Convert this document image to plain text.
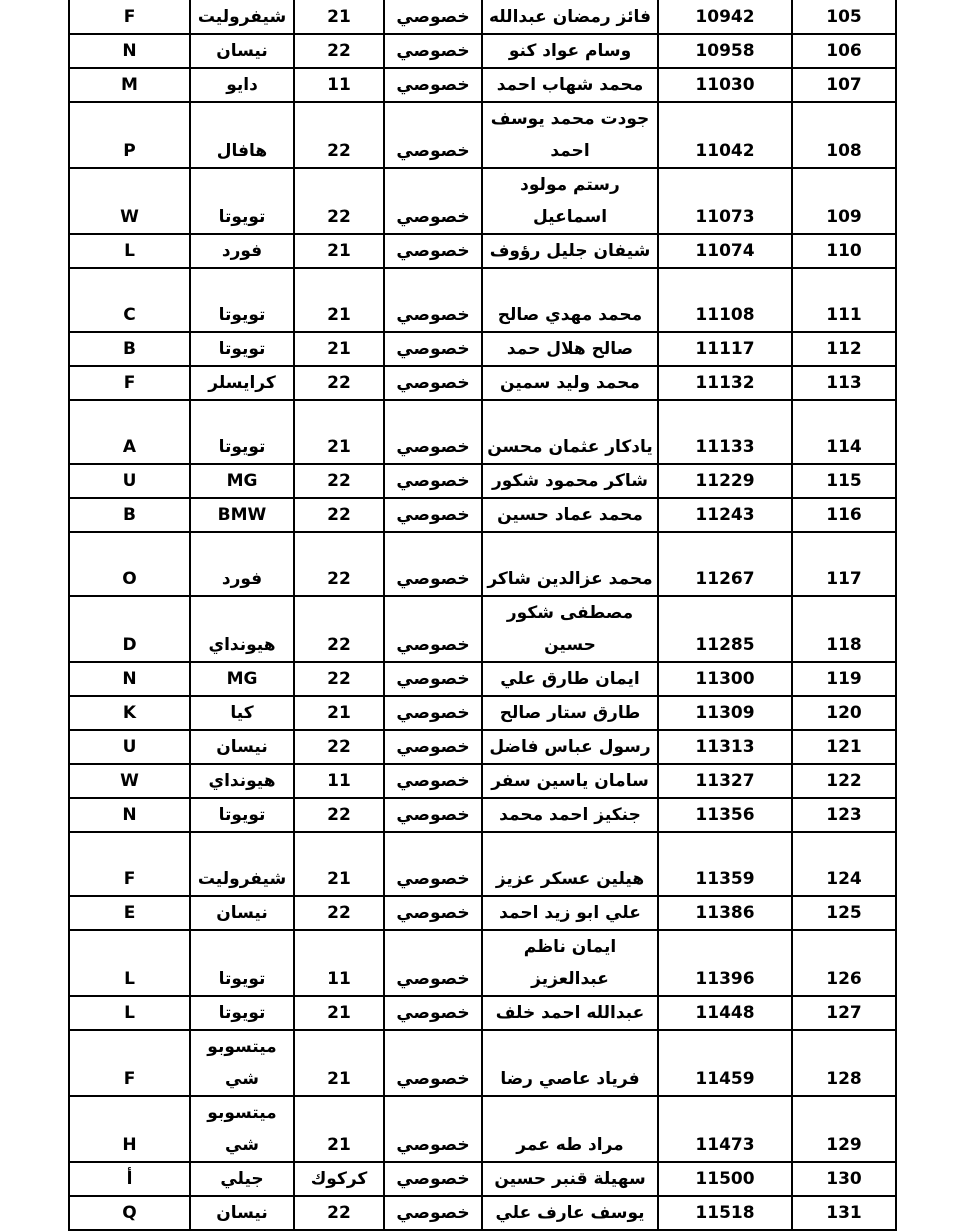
105	10942	فائز رمضان عبدالله	خصوصي	21	شيفروليت	F
106	10958	وسام عواد كنو	خصوصي	22	نيسان	N
107	11030	محمد شهاب احمد	خصوصي	11	دايو	M
108	11042	جودت محمد يوسف احمد	خصوصي	22	هافال	P
109	11073	رستم مولود اسماعيل	خصوصي	22	تويوتا	W
110	11074	شيفان جليل رؤوف	خصوصي	21	فورد	L
111	11108	محمد مهدي صالح	خصوصي	21	تويوتا	C
112	11117	صالح هلال حمد	خصوصي	21	تويوتا	B
113	11132	محمد وليد سمين	خصوصي	22	كرايسلر	F
114	11133	يادكار عثمان محسن	خصوصي	21	تويوتا	A
115	11229	شاكر محمود شكور	خصوصي	22	MG	U
116	11243	محمد عماد حسين	خصوصي	22	BMW	B
117	11267	محمد عزالدين شاكر	خصوصي	22	فورد	O
118	11285	مصطفى شكور حسين	خصوصي	22	هيونداي	D
119	11300	ايمان طارق علي	خصوصي	22	MG	N
120	11309	طارق ستار صالح	خصوصي	21	كيا	K
121	11313	رسول عباس فاضل	خصوصي	22	نيسان	U
122	11327	سامان ياسين سفر	خصوصي	11	هيونداي	W
123	11356	جنكيز احمد محمد	خصوصي	22	تويوتا	N
124	11359	هيلين عسكر عزيز	خصوصي	21	شيفروليت	F
125	11386	علي ابو زيد احمد	خصوصي	22	نيسان	E
126	11396	ايمان ناظم عبدالعزيز	خصوصي	11	تويوتا	L
127	11448	عبدالله احمد خلف	خصوصي	21	تويوتا	L
128	11459	فرياد عاصي رضا	خصوصي	21	ميتسوبو شي	F
129	11473	مراد طه عمر	خصوصي	21	ميتسوبو شي	H
130	11500	سهيلة قنبر حسين	خصوصي	كركوك	جيلي	أ
131	11518	يوسف عارف علي	خصوصي	22	نيسان	Q
